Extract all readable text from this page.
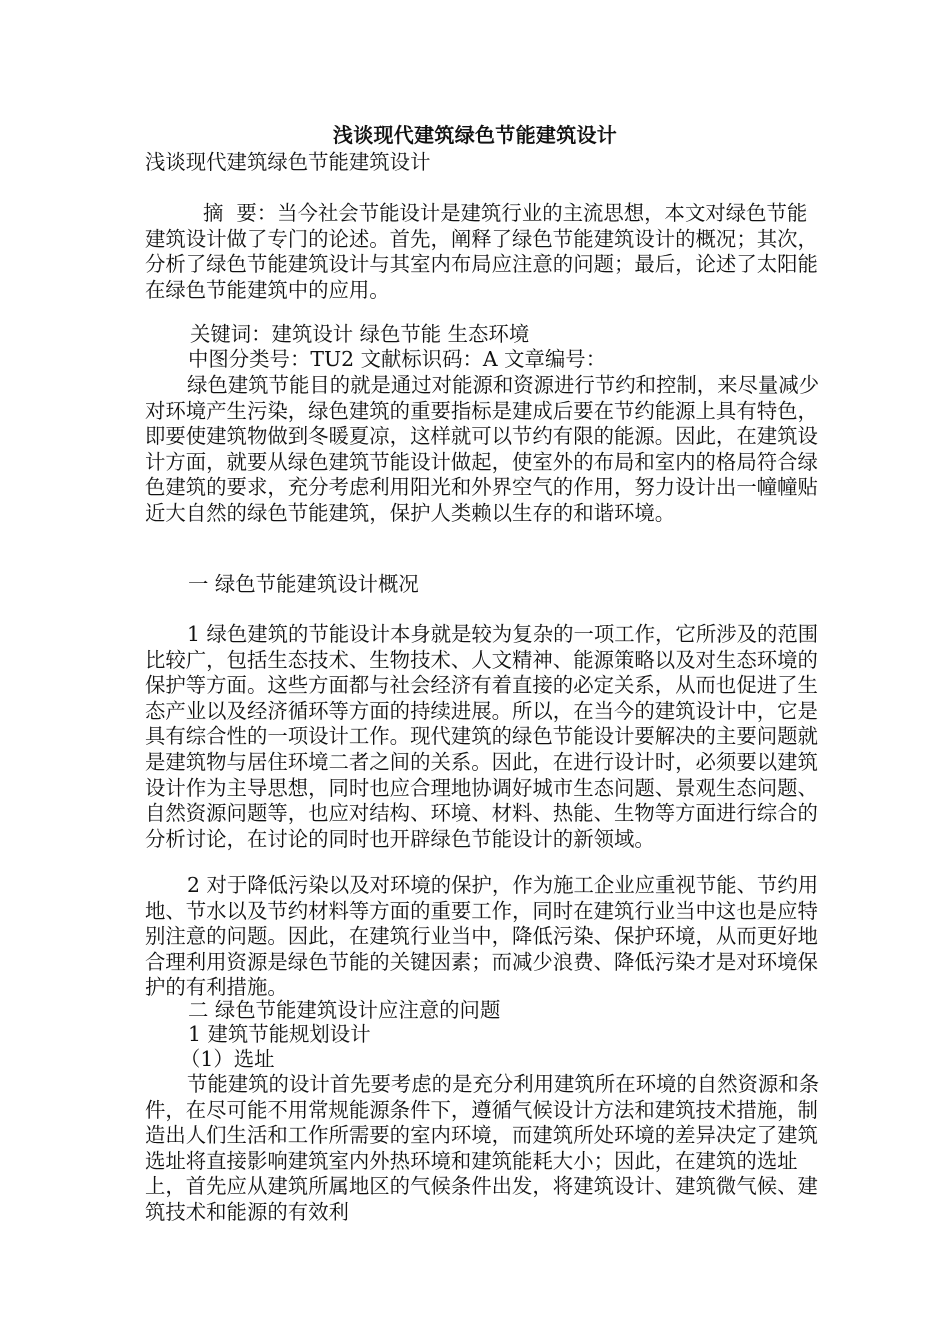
浅谈现代建筑绿色节能建筑设计

浅谈现代建筑绿色节能建筑设计

摘  要：当今社会节能设计是建筑行业的主流思想，本文对绿色节能建筑设计做了专门的论述。首先，阐释了绿色节能建筑设计的概况；其次，分析了绿色节能建筑设计与其室内布局应注意的问题；最后，论述了太阳能在绿色节能建筑中的应用。

关键词：建筑设计 绿色节能 生态环境

中图分类号：TU2 文献标识码：A 文章编号：

绿色建筑节能目的就是通过对能源和资源进行节约和控制，来尽量减少对环境产生污染，绿色建筑的重要指标是建成后要在节约能源上具有特色，即要使建筑物做到冬暖夏凉，这样就可以节约有限的能源。因此，在建筑设计方面，就要从绿色建筑节能设计做起，使室外的布局和室内的格局符合绿色建筑的要求，充分考虑利用阳光和外界空气的作用，努力设计出一幢幢贴近大自然的绿色节能建筑，保护人类赖以生存的和谐环境。

一 绿色节能建筑设计概况

1 绿色建筑的节能设计本身就是较为复杂的一项工作，它所涉及的范围比较广，包括生态技术、生物技术、人文精神、能源策略以及对生态环境的保护等方面。这些方面都与社会经济有着直接的必定关系，从而也促进了生态产业以及经济循环等方面的持续进展。所以，在当今的建筑设计中，它是具有综合性的一项设计工作。现代建筑的绿色节能设计要解决的主要问题就是建筑物与居住环境二者之间的关系。因此，在进行设计时，必须要以建筑设计作为主导思想，同时也应合理地协调好城市生态问题、景观生态问题、自然资源问题等，也应对结构、环境、材料、热能、生物等方面进行综合的分析讨论，在讨论的同时也开辟绿色节能设计的新领域。

2 对于降低污染以及对环境的保护，作为施工企业应重视节能、节约用地、节水以及节约材料等方面的重要工作，同时在建筑行业当中这也是应特别注意的问题。因此，在建筑行业当中，降低污染、保护环境，从而更好地合理利用资源是绿色节能的关键因素；而减少浪费、降低污染才是对环境保护的有利措施。

二 绿色节能建筑设计应注意的问题

1 建筑节能规划设计

（1）选址

节能建筑的设计首先要考虑的是充分利用建筑所在环境的自然资源和条件，在尽可能不用常规能源条件下，遵循气候设计方法和建筑技术措施，制造出人们生活和工作所需要的室内环境，而建筑所处环境的差异决定了建筑选址将直接影响建筑室内外热环境和建筑能耗大小；因此，在建筑的选址上，首先应从建筑所属地区的气候条件出发，将建筑设计、建筑微气候、建筑技术和能源的有效利
